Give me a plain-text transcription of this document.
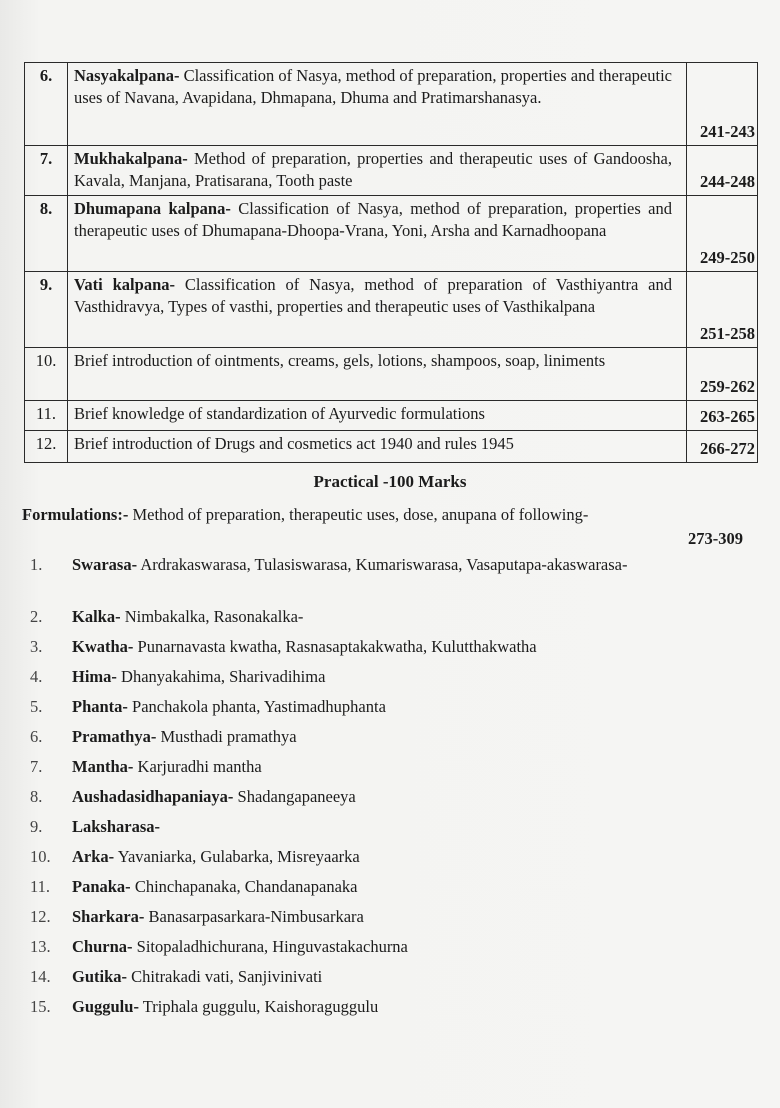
6.	Nasyakalpana- Classification of Nasya, method of preparation, properties and therapeutic uses of Navana, Avapidana, Dhmapana, Dhuma and Pratimarshanasya.	241-243
7.	Mukhakalpana- Method of preparation, properties and therapeutic uses of Gandoosha, Kavala, Manjana, Pratisarana, Tooth paste	244-248
8.	Dhumapana kalpana- Classification of Nasya, method of preparation, properties and therapeutic uses of Dhumapana-Dhoopa-Vrana, Yoni, Arsha and Karnadhoopana	249-250
9.	Vati kalpana- Classification of Nasya, method of preparation of Vasthiyantra and Vasthidravya, Types of vasthi, properties and therapeutic uses of Vasthikalpana	251-258
10.	Brief introduction of ointments, creams, gels, lotions, shampoos, soap, liniments	259-262
11.	Brief knowledge of standardization of Ayurvedic formulations	263-265
12.	Brief introduction of Drugs and cosmetics act 1940 and rules 1945	266-272
Practical -100 Marks
Formulations:- Method of preparation, therapeutic uses, dose, anupana of following-
273-309
1. Swarasa- Ardrakaswarasa, Tulasiswarasa, Kumariswarasa, Vasaputapa-akaswarasa-
2. Kalka- Nimbakalka, Rasonakalka-
3. Kwatha- Punarnavasta kwatha, Rasnasaptakakwatha, Kulutthakwatha
4. Hima- Dhanyakahima, Sharivadihima
5. Phanta- Panchakola phanta, Yastimadhuphanta
6. Pramathya- Musthadi pramathya
7. Mantha- Karjuradhi mantha
8. Aushadasidhapaniaya- Shadangapaneeya
9. Laksharasa-
10. Arka- Yavaniarka, Gulabarka, Misreyaarka
11. Panaka- Chinchapanaka, Chandanapanaka
12. Sharkara- Banasarpasarkara-Nimbusarkara
13. Churna- Sitopaladhichurana, Hinguvastakachurna
14. Gutika- Chitrakadi vati, Sanjivinivati
15. Guggulu- Triphala guggulu, Kaishoraguggulu
